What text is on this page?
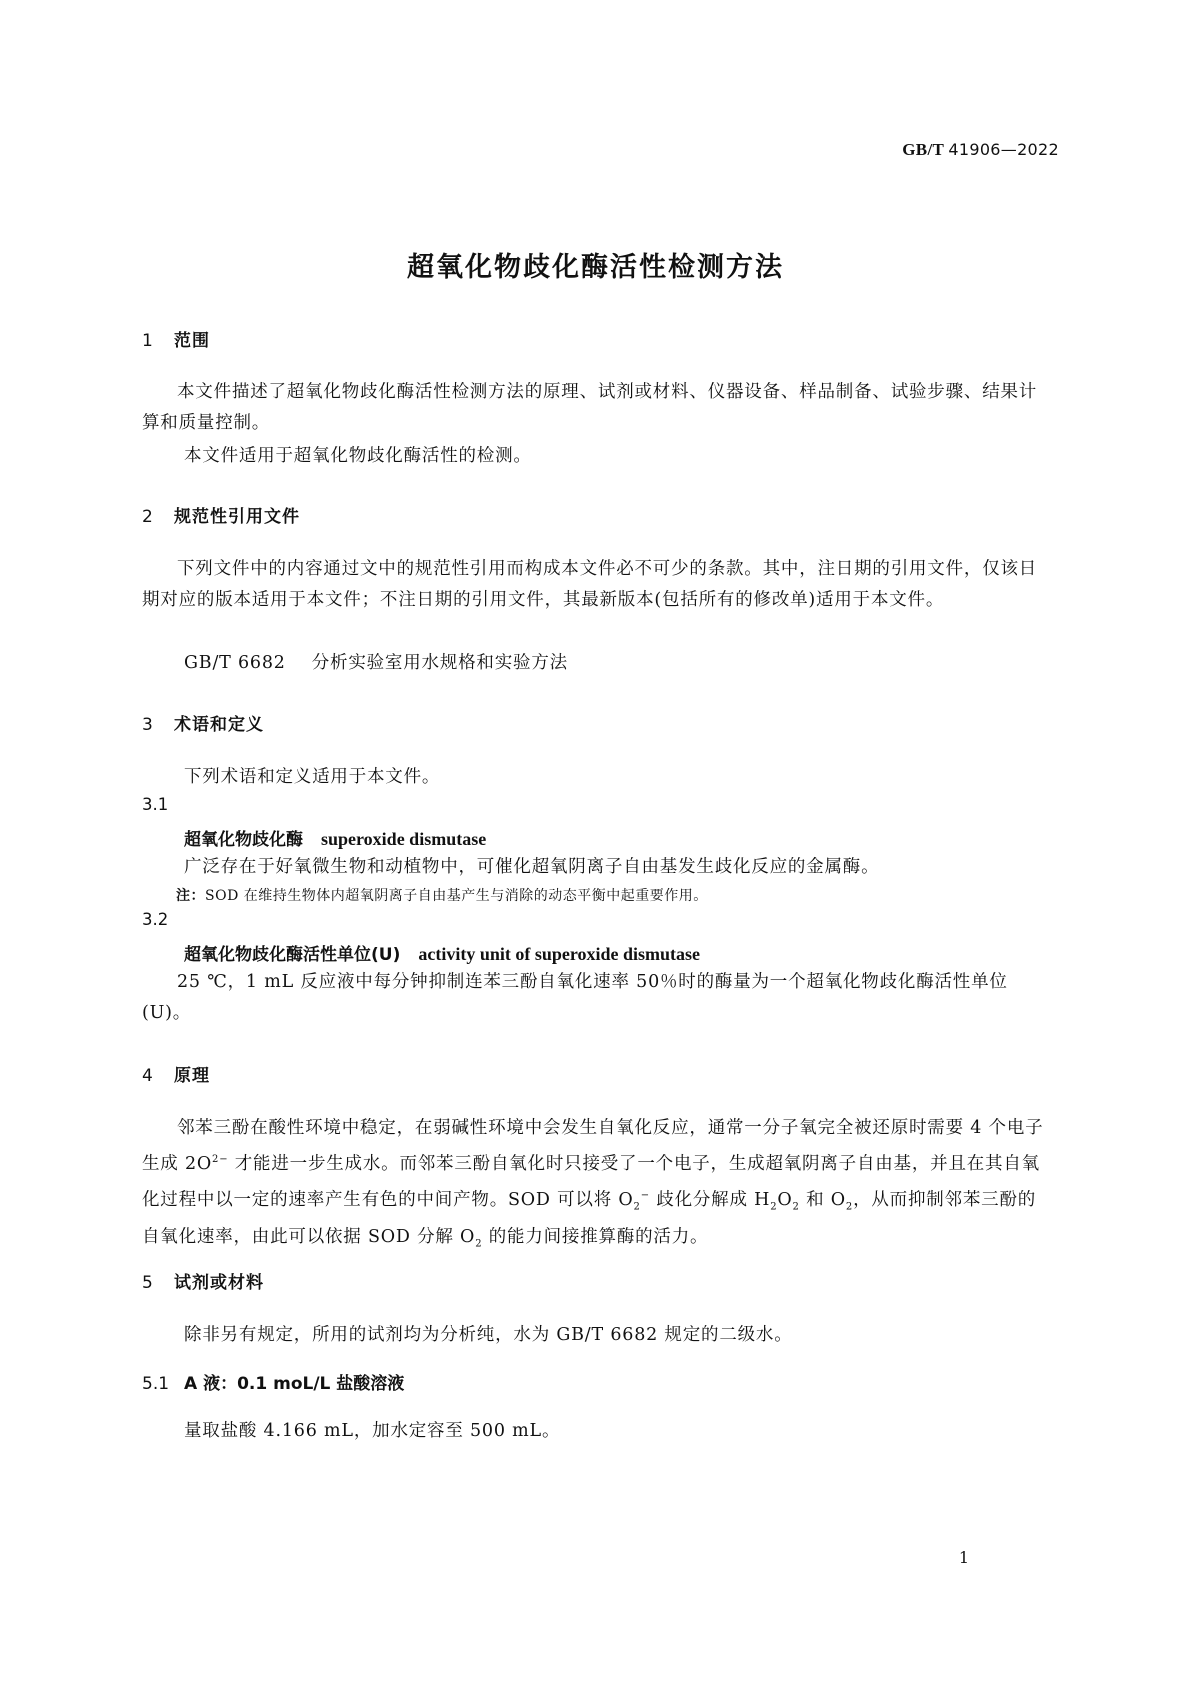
GB/T 41906—2022
超氧化物歧化酶活性检测方法
1 范围
本文件描述了超氧化物歧化酶活性检测方法的原理、试剂或材料、仪器设备、样品制备、试验步骤、结果计算和质量控制。
本文件适用于超氧化物歧化酶活性的检测。
2 规范性引用文件
下列文件中的内容通过文中的规范性引用而构成本文件必不可少的条款。其中，注日期的引用文件，仅该日期对应的版本适用于本文件；不注日期的引用文件，其最新版本(包括所有的修改单)适用于本文件。
GB/T 6682 分析实验室用水规格和实验方法
3 术语和定义
下列术语和定义适用于本文件。
3.1
超氧化物歧化酶 superoxide dismutase
广泛存在于好氧微生物和动植物中，可催化超氧阴离子自由基发生歧化反应的金属酶。
注：SOD 在维持生物体内超氧阴离子自由基产生与消除的动态平衡中起重要作用。
3.2
超氧化物歧化酶活性单位(U) activity unit of superoxide dismutase
25 ℃，1 mL 反应液中每分钟抑制连苯三酚自氧化速率 50％时的酶量为一个超氧化物歧化酶活性单位(U)。
4 原理
邻苯三酚在酸性环境中稳定，在弱碱性环境中会发生自氧化反应，通常一分子氧完全被还原时需要 4 个电子生成 $2O^{2-}$ 才能进一步生成水。而邻苯三酚自氧化时只接受了一个电子，生成超氧阴离子自由基，并且在其自氧化过程中以一定的速率产生有色的中间产物。SOD 可以将 $O_2^-$ 歧化分解成 $H_2O_2$ 和 $O_2$，从而抑制邻苯三酚的自氧化速率，由此可以依据 SOD 分解 $O_2$ 的能力间接推算酶的活力。
5 试剂或材料
除非另有规定，所用的试剂均为分析纯，水为 GB/T 6682 规定的二级水。
5.1 A 液：0.1 moL/L 盐酸溶液
量取盐酸 4.166 mL，加水定容至 500 mL。
1
